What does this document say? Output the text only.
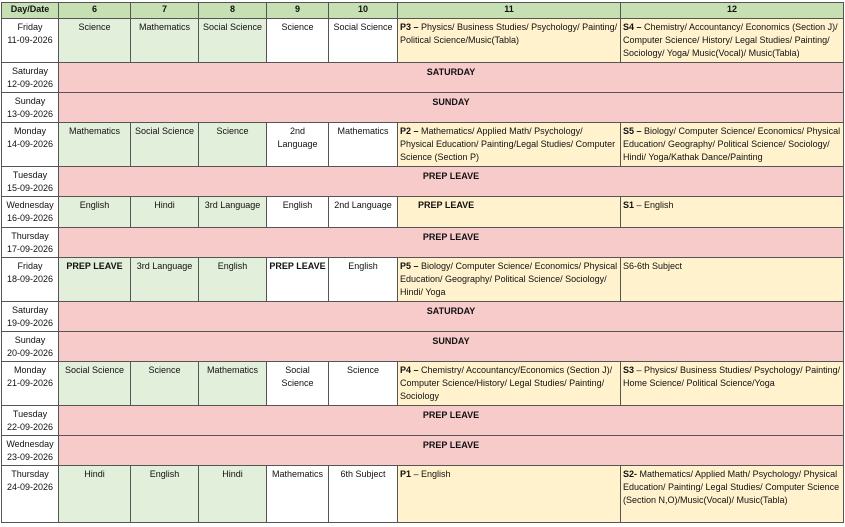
Day/Date	6	7	8	9	10	11	12
Friday
11-09-2026	Science	Mathematics	Social Science	Science	Social Science	P3 – Physics/ Business Studies/ Psychology/ Painting/ Political Science/Music(Tabla)	S4 – Chemistry/ Accountancy/ Economics (Section J)/ Computer Science/ History/ Legal Studies/ Painting/ Sociology/ Yoga/ Music(Vocal)/ Music(Tabla)
Saturday
12-09-2026	SATURDAY						
Sunday
13-09-2026	SUNDAY						
Monday
14-09-2026	Mathematics	Social Science	Science	2nd Language	Mathematics	P2 – Mathematics/ Applied Math/ Psychology/ Physical Education/ Painting/Legal Studies/ Computer Science (Section P)	S5 – Biology/ Computer Science/ Economics/ Physical Education/ Geography/ Political Science/ Sociology/ Hindi/ Yoga/Kathak Dance/Painting
Tuesday
15-09-2026	PREP LEAVE						
Wednesday
16-09-2026	English	Hindi	3rd Language	English	2nd Language	PREP LEAVE	S1 – English
Thursday
17-09-2026	PREP LEAVE						
Friday
18-09-2026	PREP LEAVE	3rd Language	English	PREP LEAVE	English	P5 – Biology/ Computer Science/ Economics/ Physical Education/ Geography/ Political Science/ Sociology/ Hindi/ Yoga	S6-6th Subject
Saturday
19-09-2026	SATURDAY						
Sunday
20-09-2026	SUNDAY						
Monday
21-09-2026	Social Science	Science	Mathematics	Social Science	Science	P4 – Chemistry/ Accountancy/Economics (Section J)/ Computer Science/History/ Legal Studies/ Painting/ Sociology	S3 – Physics/ Business Studies/ Psychology/ Painting/ Home Science/ Political Science/Yoga
Tuesday
22-09-2026	PREP LEAVE						
Wednesday
23-09-2026	PREP LEAVE						
Thursday
24-09-2026	Hindi	English	Hindi	Mathematics	6th Subject	P1 – English	S2- Mathematics/ Applied Math/ Psychology/ Physical Education/ Painting/ Legal Studies/ Computer Science (Section N,O)/Music(Vocal)/ Music(Tabla)
